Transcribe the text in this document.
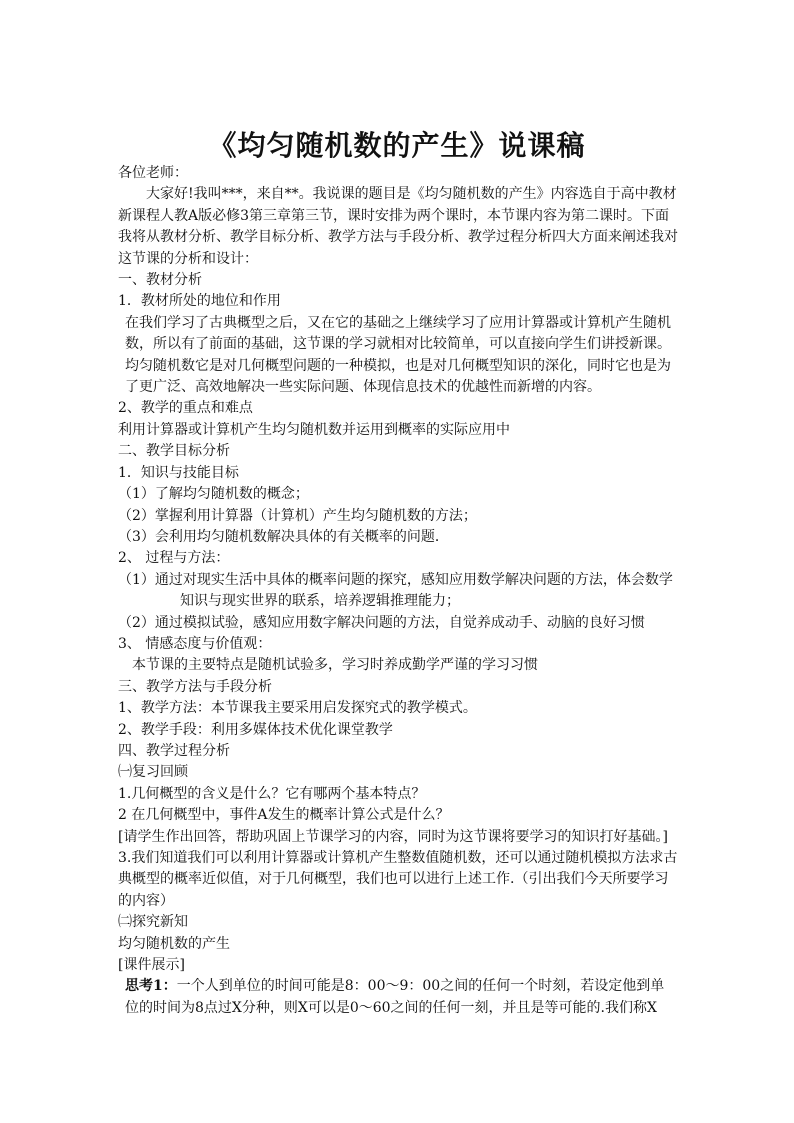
《均匀随机数的产生》说课稿

各位老师：

大家好!我叫***，来自**。我说课的题目是《均匀随机数的产生》内容选自于高中教材新课程人教A版必修3第三章第三节，课时安排为两个课时，本节课内容为第二课时。下面我将从教材分析、教学目标分析、教学方法与手段分析、教学过程分析四大方面来阐述我对这节课的分析和设计：

一、教材分析

1．教材所处的地位和作用

在我们学习了古典概型之后，又在它的基础之上继续学习了应用计算器或计算机产生随机数，所以有了前面的基础，这节课的学习就相对比较简单，可以直接向学生们讲授新课。均匀随机数它是对几何概型问题的一种模拟，也是对几何概型知识的深化，同时它也是为了更广泛、高效地解决一些实际问题、体现信息技术的优越性而新增的内容。

2、教学的重点和难点

利用计算器或计算机产生均匀随机数并运用到概率的实际应用中

二、教学目标分析

1．知识与技能目标

（1）了解均匀随机数的概念；

（2）掌握利用计算器（计算机）产生均匀随机数的方法；

（3）会利用均匀随机数解决具体的有关概率的问题．

2、 过程与方法：

（1）通过对现实生活中具体的概率问题的探究，感知应用数学解决问题的方法，体会数学知识与现实世界的联系，培养逻辑推理能力；

（2）通过模拟试验，感知应用数字解决问题的方法，自觉养成动手、动脑的良好习惯

3、 情感态度与价值观：

本节课的主要特点是随机试验多，学习时养成勤学严谨的学习习惯

三、教学方法与手段分析

1、教学方法：本节课我主要采用启发探究式的教学模式。

2、教学手段：利用多媒体技术优化课堂教学

四、教学过程分析

㈠复习回顾

1.几何概型的含义是什么？它有哪两个基本特点？

2 在几何概型中，事件A发生的概率计算公式是什么？

[请学生作出回答，帮助巩固上节课学习的内容，同时为这节课将要学习的知识打好基础。]

3.我们知道我们可以利用计算器或计算机产生整数值随机数，还可以通过随机模拟方法求古典概型的概率近似值，对于几何概型，我们也可以进行上述工作.（引出我们今天所要学习的内容）

㈡探究新知

均匀随机数的产生

[课件展示]

思考1：一个人到单位的时间可能是8：00～9：00之间的任何一个时刻，若设定他到单位的时间为8点过X分种，则X可以是0～60之间的任何一刻，并且是等可能的.我们称X
